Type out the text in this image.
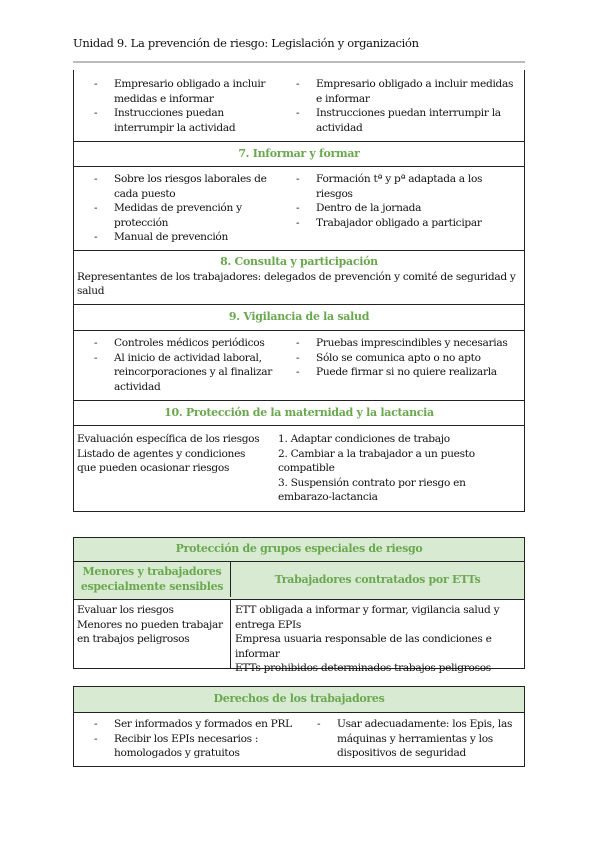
Unidad 9. La prevención de riesgo: Legislación y organización
- Empresario obligado a incluir medidas e informar
- Instrucciones puedan interrumpir la actividad
- Empresario obligado a incluir medidas e informar
- Instrucciones puedan interrumpir la actividad
7. Informar y formar
- Sobre los riesgos laborales de cada puesto
- Medidas de prevención y protección
- Manual de prevención
- Formación tª y pª adaptada a los riesgos
- Dentro de la jornada
- Trabajador obligado a participar
8. Consulta y participación
Representantes de los trabajadores: delegados de prevención y comité de seguridad y salud
9. Vigilancia de la salud
- Controles médicos periódicos
- Al inicio de actividad laboral, reincorporaciones y al finalizar actividad
- Pruebas imprescindibles y necesarias
- Sólo se comunica apto o no apto
- Puede firmar si no quiere realizarla
10. Protección de la maternidad y la lactancia
Evaluación específica de los riesgos
Listado de agentes y condiciones que pueden ocasionar riesgos
1. Adaptar condiciones de trabajo
2. Cambiar a la trabajador a un puesto compatible
3. Suspensión contrato por riesgo en embarazo-lactancia
Protección de grupos especiales de riesgo
Menores y trabajadores especialmente sensibles
Trabajadores contratados por ETTs
Evaluar los riesgos
Menores no pueden trabajar en trabajos peligrosos
ETT obligada a informar y formar, vigilancia salud y entrega EPIs
Empresa usuaria responsable de las condiciones e informar
ETTs prohibidos determinados trabajos peligrosos
Derechos de los trabajadores
- Ser informados y formados en PRL
- Recibir los EPIs necesarios : homologados y gratuitos
- Usar adecuadamente: los Epis, las máquinas y herramientas y los dispositivos de seguridad
